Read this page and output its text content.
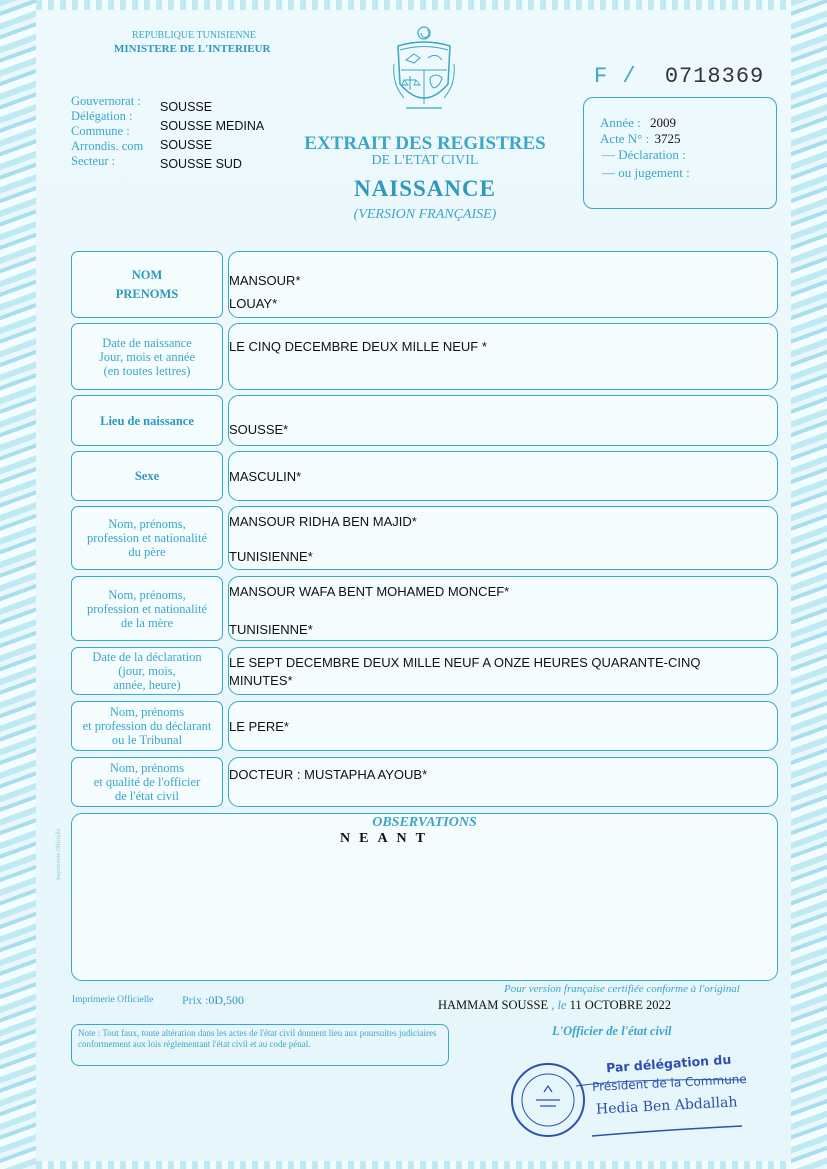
REPUBLIQUE TUNISIENNE
MINISTERE DE L'INTERIEUR
F / 0718369
Gouvernorat :
Délégation :
Commune :
Arrondis. com
Secteur :
SOUSSE
SOUSSE MEDINA
SOUSSE
SOUSSE SUD
EXTRAIT DES REGISTRES
DE L'ETAT CIVIL
NAISSANCE
(VERSION FRANÇAISE)
Année : 2009
Acte N° : 3725
— Déclaration :
— ou jugement :
NOM
PRENOMS
MANSOUR*
LOUAY*
Date de naissance
Jour, mois et année
(en toutes lettres)
LE CINQ DECEMBRE DEUX MILLE NEUF *
Lieu de naissance
SOUSSE*
Sexe	MASCULIN*
Nom, prénoms,
profession et nationalité
du père
MANSOUR RIDHA BEN MAJID*
TUNISIENNE*
Nom, prénoms,
profession et nationalité
de la mère
MANSOUR WAFA BENT MOHAMED MONCEF*
TUNISIENNE*
Date de la déclaration
(jour, mois,
année, heure)
LE SEPT DECEMBRE DEUX MILLE NEUF A ONZE HEURES QUARANTE-CINQ
MINUTES*
Nom, prénoms
et profession du déclarant
ou le Tribunal
LE PERE*
Nom, prénoms
et qualité de l'officier
de l'état civil
DOCTEUR : MUSTAPHA AYOUB*
OBSERVATIONS
NEANT
Imprimerie Officielle
Imprimerie Officielle Prix :0D,500
Pour version française certifiée conforme à l'original
HAMMAM SOUSSE , le 11 OCTOBRE 2022
L'Officier de l'état civil
Note : Tout faux, toute altération dans les actes de l'état civil donnent lieu aux poursuites judiciaires conformement aux lois réglementant l'état civil et au code pénal.
Par délégation du
Président de la Commune
Hedia Ben Abdallah
